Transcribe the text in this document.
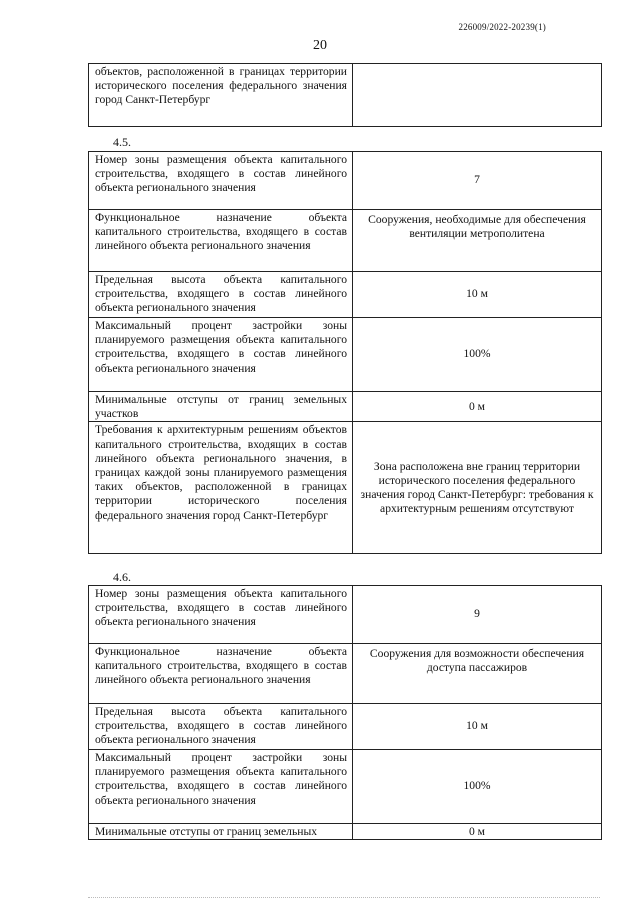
226009/2022-20239(1)
20
объектов, расположенной в границах территории исторического поселения федерального значения город Санкт-Петербург	
4.5.
Номер зоны размещения объекта капитального строительства, входящего в состав линейного объекта регионального значения	7
Функциональное назначение объекта капитального строительства, входящего в состав линейного объекта регионального значения	Сооружения, необходимые для обеспечения вентиляции метрополитена
Предельная высота объекта капитального строительства, входящего в состав линейного объекта регионального значения	10 м
Максимальный процент застройки зоны планируемого размещения объекта капитального строительства, входящего в состав линейного объекта регионального значения	100%
Минимальные отступы от границ земельных участков	0 м
Требования к архитектурным решениям объектов капитального строительства, входящих в состав линейного объекта регионального значения, в границах каждой зоны планируемого размещения таких объектов, расположенной в границах территории исторического поселения федерального значения город Санкт-Петербург	Зона расположена вне границ территории исторического поселения федерального значения город Санкт-Петербург: требования к архитектурным решениям отсутствуют
4.6.
Номер зоны размещения объекта капитального строительства, входящего в состав линейного объекта регионального значения	9
Функциональное назначение объекта капитального строительства, входящего в состав линейного объекта регионального значения	Сооружения для возможности обеспечения доступа пассажиров
Предельная высота объекта капитального строительства, входящего в состав линейного объекта регионального значения	10 м
Максимальный процент застройки зоны планируемого размещения объекта капитального строительства, входящего в состав линейного объекта регионального значения	100%
Минимальные отступы от границ земельных	0 м
